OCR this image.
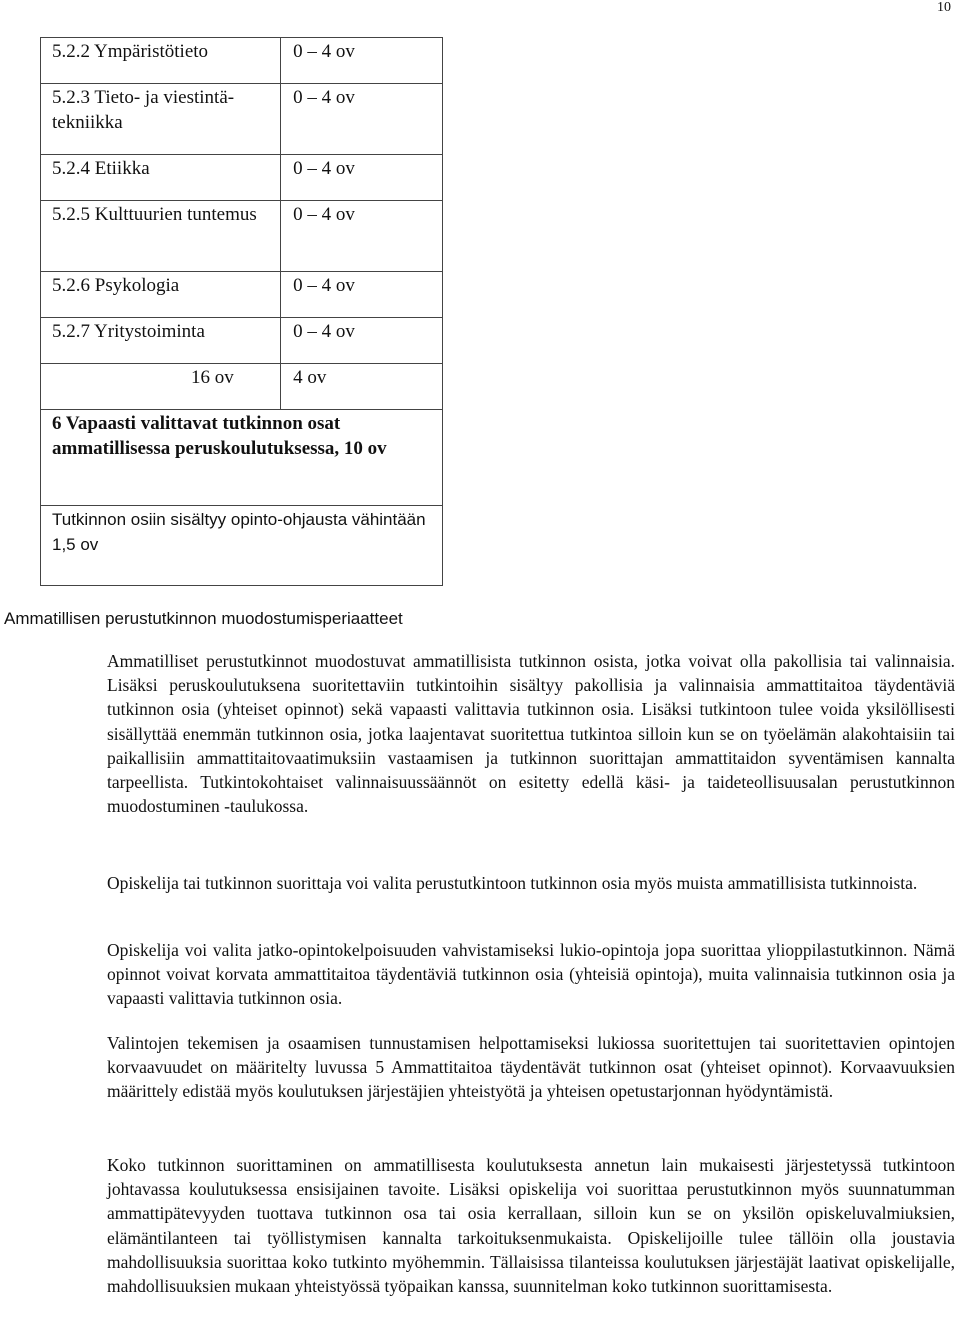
10
5.2.2 Ympäristötieto	0 – 4 ov
5.2.3 Tieto- ja viestintä-tekniikka	0 – 4 ov
5.2.4 Etiikka	0 – 4 ov
5.2.5 Kulttuurien tuntemus	0 – 4 ov
5.2.6 Psykologia	0 – 4 ov
5.2.7 Yritystoiminta	0 – 4 ov
16 ov	4 ov
6 Vapaasti valittavat tutkinnon osat ammatillisessa peruskoulutuksessa, 10 ov	
Tutkinnon osiin sisältyy opinto-ohjausta vähintään 1,5 ov	
Ammatillisen perustutkinnon muodostumisperiaatteet

Ammatilliset perustutkinnot muodostuvat ammatillisista tutkinnon osista, jotka voivat olla pakollisia tai valinnaisia. Lisäksi peruskoulutuksena suoritettaviin tutkintoihin sisältyy pakollisia ja valinnaisia ammattitaitoa täydentäviä tutkinnon osia (yhteiset opinnot) sekä vapaasti valittavia tutkinnon osia. Lisäksi tutkintoon tulee voida yksilöllisesti sisällyttää enemmän tutkinnon osia, jotka laajentavat suoritettua tutkintoa silloin kun se on työelämän alakohtaisiin tai paikallisiin ammattitaitovaatimuksiin vastaamisen ja tutkinnon suorittajan ammattitaidon syventämisen kannalta tarpeellista. Tutkintokohtaiset valinnaisuussäännöt on esitetty edellä käsi- ja taideteollisuusalan perustutkinnon muodostuminen -taulukossa.

Opiskelija tai tutkinnon suorittaja voi valita perustutkintoon tutkinnon osia myös muista ammatillisista tutkinnoista.

Opiskelija voi valita jatko-opintokelpoisuuden vahvistamiseksi lukio-opintoja jopa suorittaa ylioppilastutkinnon. Nämä opinnot voivat korvata ammattitaitoa täydentäviä tutkinnon osia (yhteisiä opintoja), muita valinnaisia tutkinnon osia ja vapaasti valittavia tutkinnon osia.

Valintojen tekemisen ja osaamisen tunnustamisen helpottamiseksi lukiossa suoritettujen tai suoritettavien opintojen korvaavuudet on määritelty luvussa 5 Ammattitaitoa täydentävät tutkinnon osat (yhteiset opinnot). Korvaavuuksien määrittely edistää myös koulutuksen järjestäjien yhteistyötä ja yhteisen opetustarjonnan hyödyntämistä.

Koko tutkinnon suorittaminen on ammatillisesta koulutuksesta annetun lain mukaisesti järjestetyssä tutkintoon johtavassa koulutuksessa ensisijainen tavoite. Lisäksi opiskelija voi suorittaa perustutkinnon myös suunnatumman ammattipätevyyden tuottava tutkinnon osa tai osia kerrallaan, silloin kun se on yksilön opiskeluvalmiuksien, elämäntilanteen tai työllistymisen kannalta tarkoituksenmukaista. Opiskelijoille tulee tällöin olla joustavia mahdollisuuksia suorittaa koko tutkinto myöhemmin. Tällaisissa tilanteissa koulutuksen järjestäjät laativat opiskelijalle, mahdollisuuksien mukaan yhteistyössä työpaikan kanssa, suunnitelman koko tutkinnon suorittamisesta.
